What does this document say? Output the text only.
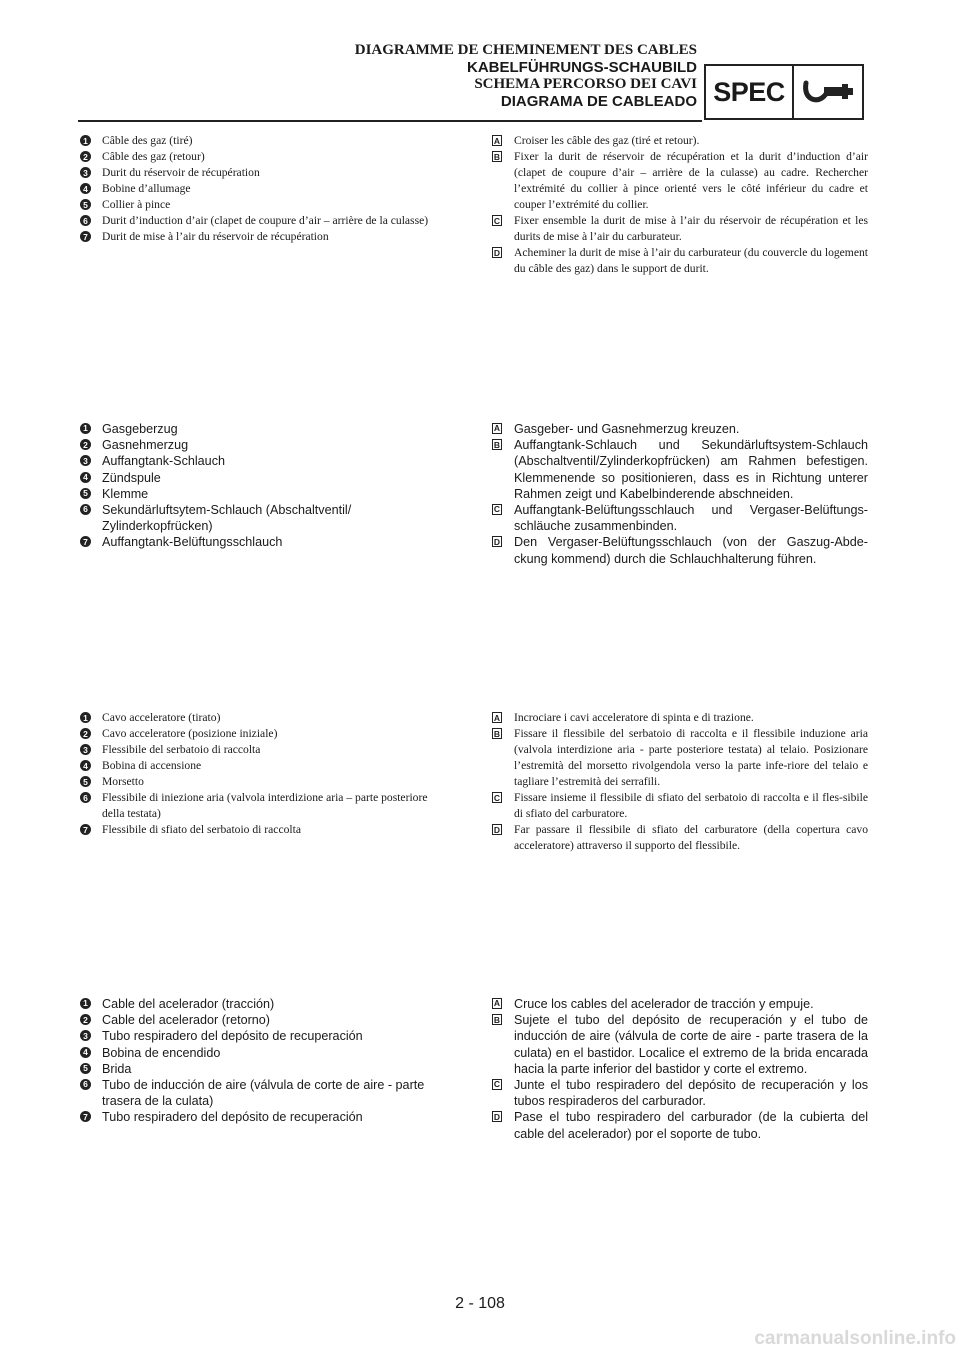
DIAGRAMME DE CHEMINEMENT DES CABLES
KABELFÜHRUNGS-SCHAUBILD
SCHEMA PERCORSO DEI CAVI
DIAGRAMA DE CABLEADO SPEC
1 Câble des gaz (tiré)
2 Câble des gaz (retour)
3 Durit du réservoir de récupération
4 Bobine d’allumage
5 Collier à pince
6 Durit d’induction d’air (clapet de coupure d’air – arrière de la culasse)
7 Durit de mise à l’air du réservoir de récupération
A Croiser les câble des gaz (tiré et retour).
B Fixer la durit de réservoir de récupération et la durit d’induction d’air (clapet de coupure d’air – arrière de la culasse) au cadre. Rechercher l’extrémité du collier à pince orienté vers le côté inférieur du cadre et couper l’extrémité du collier.
C Fixer ensemble la durit de mise à l’air du réservoir de récupération et les durits de mise à l’air du carburateur.
D Acheminer la durit de mise à l’air du carburateur (du couvercle du logement du câble des gaz) dans le support de durit.
1 Gasgeberzug
2 Gasnehmerzug
3 Auffangtank-Schlauch
4 Zündspule
5 Klemme
6 Sekundärluftsytem-Schlauch (Abschaltventil/ Zylinderkopfrücken)
7 Auffangtank-Belüftungsschlauch
A Gasgeber- und Gasnehmerzug kreuzen.
B Auffangtank-Schlauch und Sekundärluftsystem-Schlauch (Abschaltventil/Zylinderkopfrücken) am Rahmen befestigen. Klemmenende so positionieren, dass es in Richtung unterer Rahmen zeigt und Kabelbinderende abschneiden.
C Auffangtank-Belüftungsschlauch und Vergaser-Belüftungs-schläuche zusammenbinden.
D Den Vergaser-Belüftungsschlauch (von der Gaszug-Abde-ckung kommend) durch die Schlauchhalterung führen.
1 Cavo acceleratore (tirato)
2 Cavo acceleratore (posizione iniziale)
3 Flessibile del serbatoio di raccolta
4 Bobina di accensione
5 Morsetto
6 Flessibile di iniezione aria (valvola interdizione aria – parte posteriore della testata)
7 Flessibile di sfiato del serbatoio di raccolta
A Incrociare i cavi acceleratore di spinta e di trazione.
B Fissare il flessibile del serbatoio di raccolta e il flessibile induzione aria (valvola interdizione aria - parte posteriore testata) al telaio. Posizionare l’estremità del morsetto rivolgendola verso la parte infe-riore del telaio e tagliare l’estremità dei serrafili.
C Fissare insieme il flessibile di sfiato del serbatoio di raccolta e il fles-sibile di sfiato del carburatore.
D Far passare il flessibile di sfiato del carburatore (della copertura cavo acceleratore) attraverso il supporto del flessibile.
1 Cable del acelerador (tracción)
2 Cable del acelerador (retorno)
3 Tubo respiradero del depósito de recuperación
4 Bobina de encendido
5 Brida
6 Tubo de inducción de aire (válvula de corte de aire - parte trasera de la culata)
7 Tubo respiradero del depósito de recuperación
A Cruce los cables del acelerador de tracción y empuje.
B Sujete el tubo del depósito de recuperación y el tubo de inducción de aire (válvula de corte de aire - parte trasera de la culata) en el bastidor. Localice el extremo de la brida encarada hacia la parte inferior del bastidor y corte el extremo.
C Junte el tubo respiradero del depósito de recuperación y los tubos respiraderos del carburador.
D Pase el tubo respiradero del carburador (de la cubierta del cable del acelerador) por el soporte de tubo.
2 - 108
carmanualsonline.info
